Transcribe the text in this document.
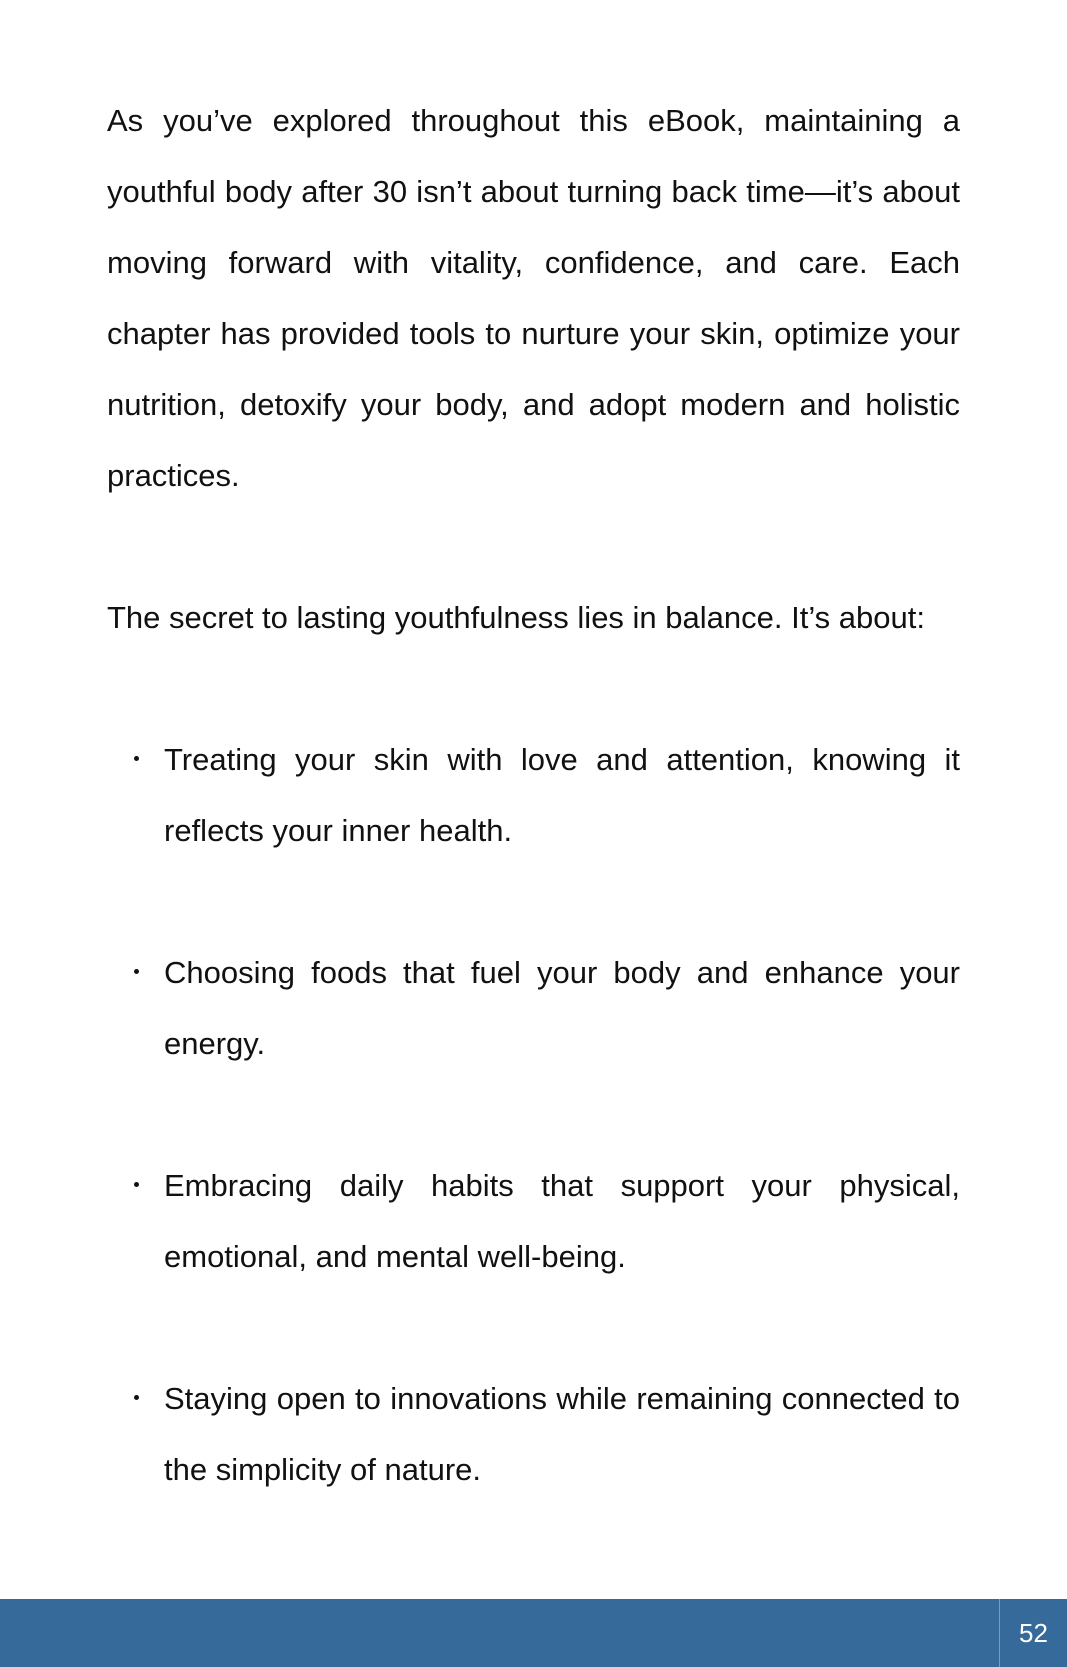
As you’ve explored throughout this eBook, maintaining a youthful body after 30 isn’t about turning back time—it’s about moving forward with vitality, confidence, and care. Each chapter has provided tools to nurture your skin, optimize your nutrition, detoxify your body, and adopt modern and holistic practices.

The secret to lasting youthfulness lies in balance. It’s about:

Treating your skin with love and attention, knowing it reflects your inner health.
Choosing foods that fuel your body and enhance your energy.
Embracing daily habits that support your physical, emotional, and mental well-being.
Staying open to innovations while remaining connected to the simplicity of nature.
52
